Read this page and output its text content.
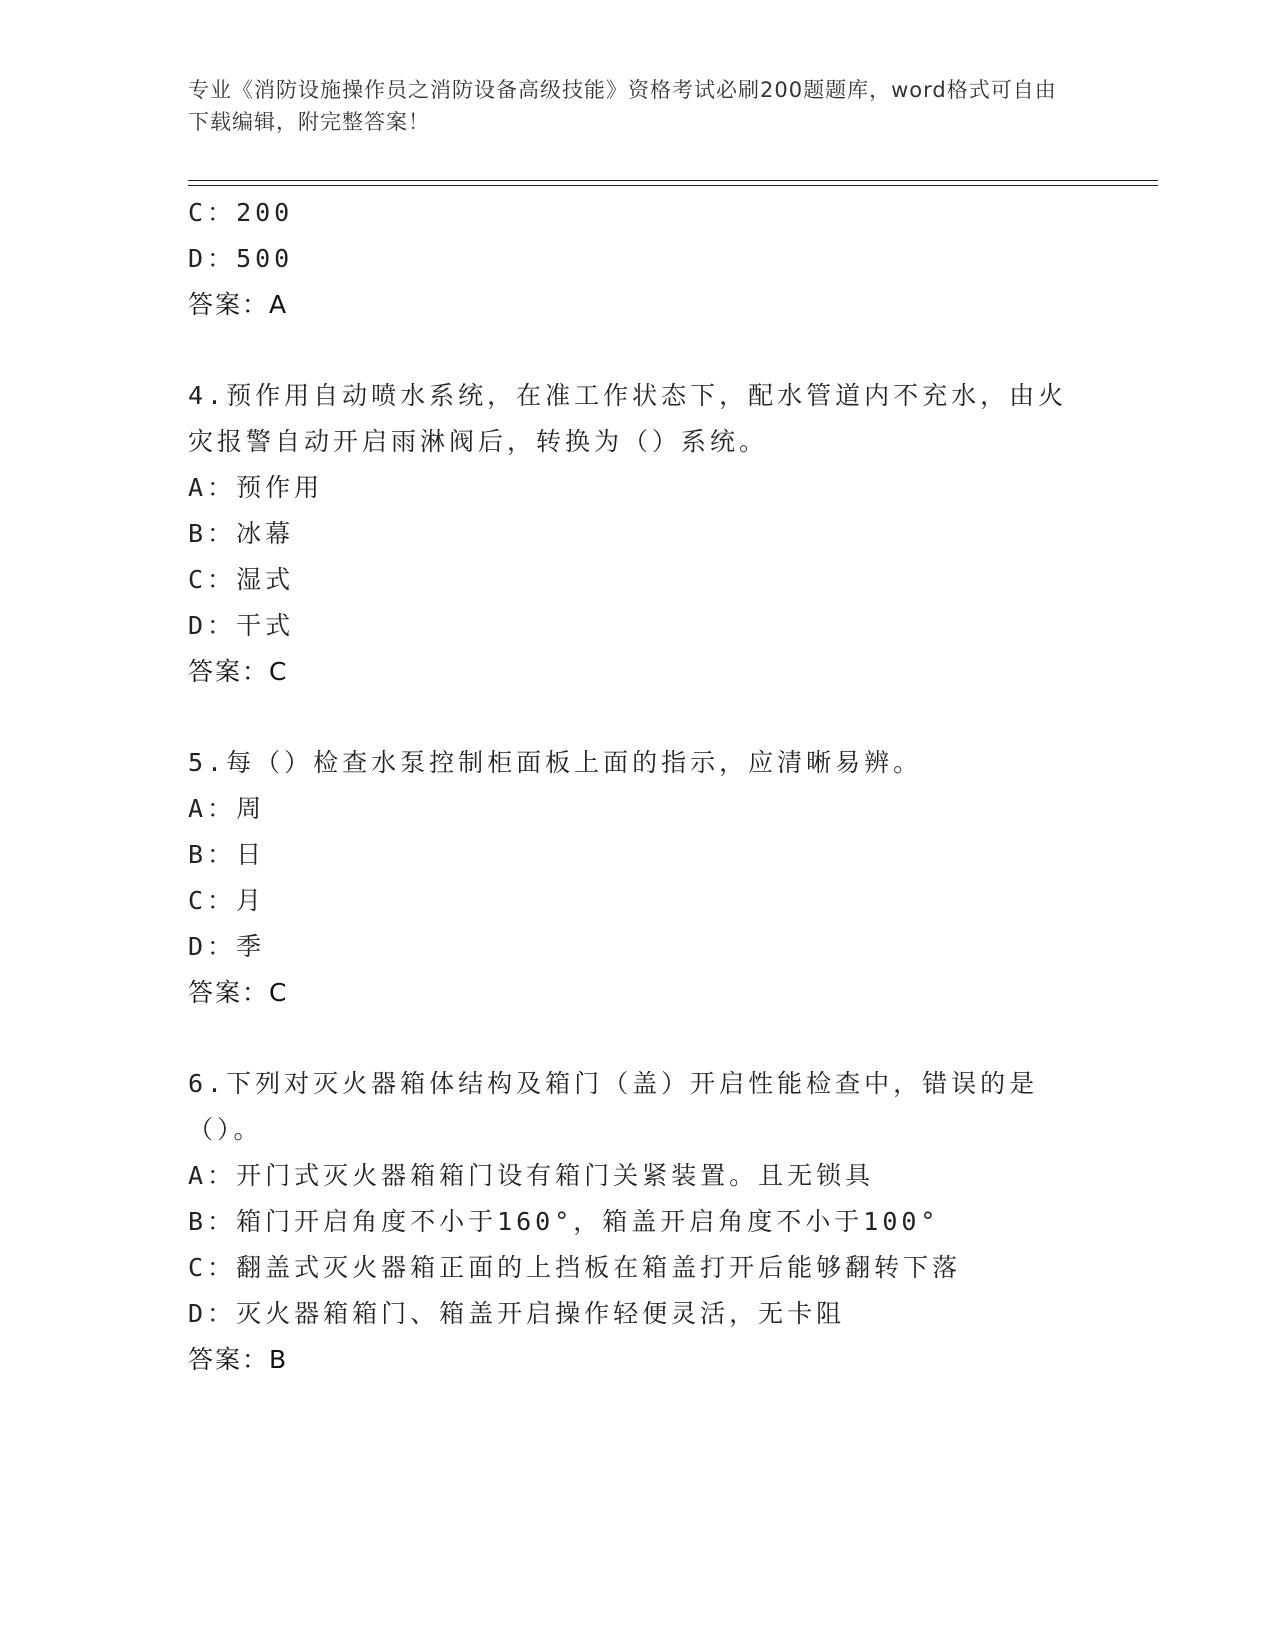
专业《消防设施操作员之消防设备高级技能》资格考试必刷200题题库，word格式可自由下载编辑，附完整答案！
C：200
D：500
答案：A
4.预作用自动喷水系统，在准工作状态下，配水管道内不充水，由火灾报警自动开启雨淋阀后，转换为（）系统。
A：预作用
B：冰幕
C：湿式
D：干式
答案：C
5.每（）检查水泵控制柜面板上面的指示，应清晰易辨。
A：周
B：日
C：月
D：季
答案：C
6.下列对灭火器箱体结构及箱门（盖）开启性能检查中，错误的是（）。
A：开门式灭火器箱箱门设有箱门关紧装置。且无锁具
B：箱门开启角度不小于160°，箱盖开启角度不小于100°
C：翻盖式灭火器箱正面的上挡板在箱盖打开后能够翻转下落
D：灭火器箱箱门、箱盖开启操作轻便灵活，无卡阻
答案：B
